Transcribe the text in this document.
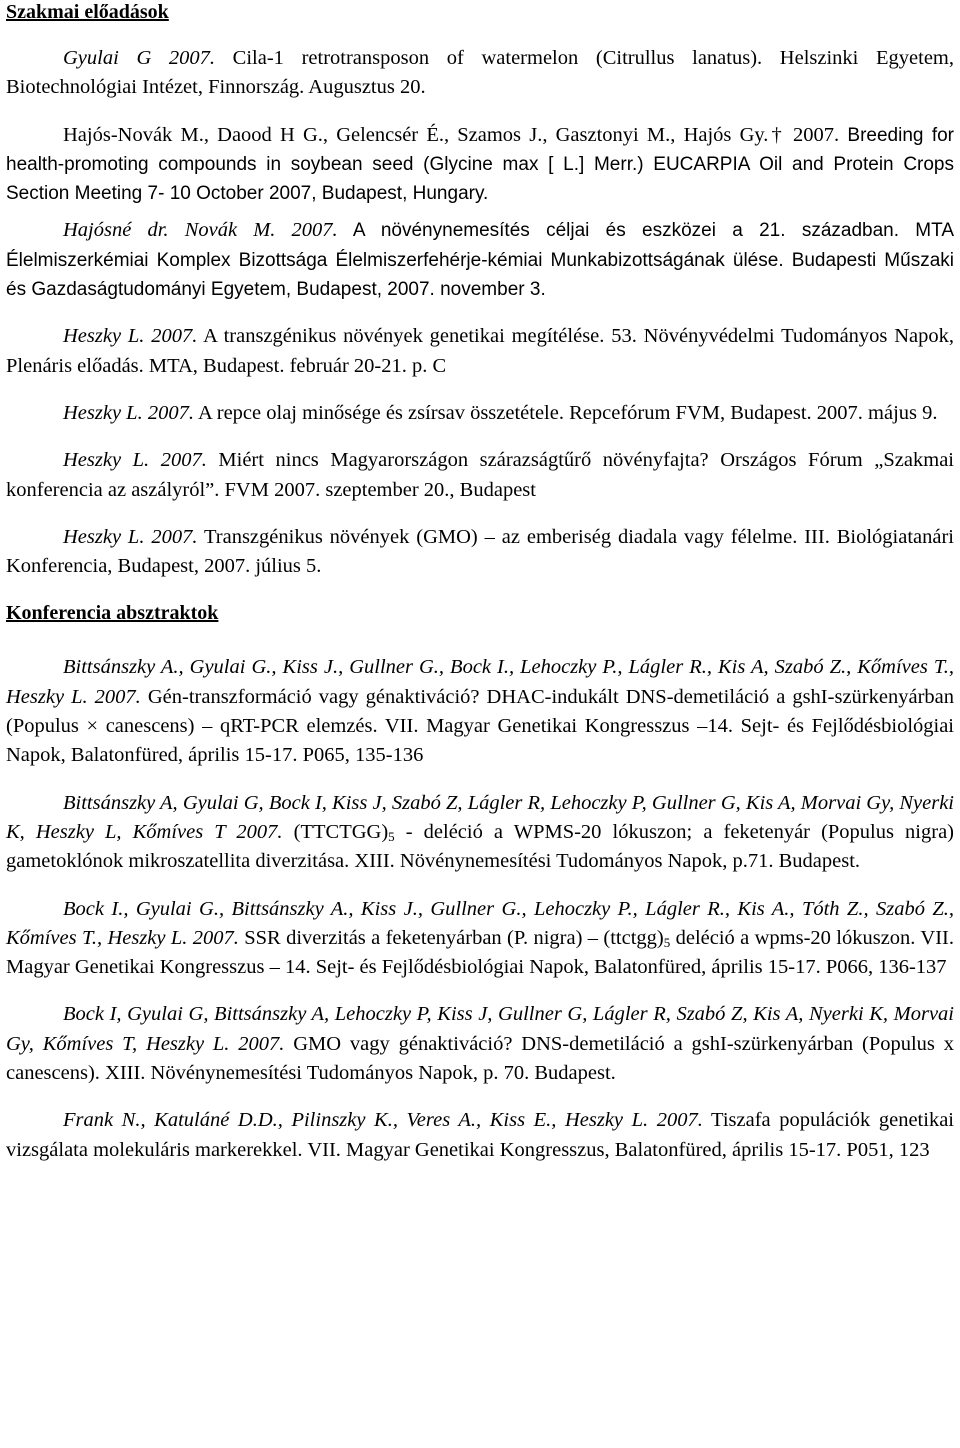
Szakmai előadások

Gyulai G 2007. Cila-1 retrotransposon of watermelon (Citrullus lanatus). Helszinki Egyetem, Biotechnológiai Intézet, Finnország. Augusztus 20.

Hajós-Novák M., Daood H G., Gelencsér É., Szamos J., Gasztonyi M., Hajós Gy.† 2007. Breeding for health-promoting compounds in soybean seed (Glycine max [ L.] Merr.) EUCARPIA Oil and Protein Crops Section Meeting 7- 10 October 2007, Budapest, Hungary.

Hajósné dr. Novák M. 2007. A növénynemesítés céljai és eszközei a 21. században. MTA Élelmiszerkémiai Komplex Bizottsága Élelmiszerfehérje-kémiai Munkabizottságának ülése. Budapesti Műszaki és Gazdaságtudományi Egyetem, Budapest, 2007. november 3.

Heszky L. 2007. A transzgénikus növények genetikai megítélése. 53. Növényvédelmi Tudományos Napok, Plenáris előadás. MTA, Budapest. február 20-21. p. C

Heszky L. 2007. A repce olaj minősége és zsírsav összetétele. Repcefórum FVM, Budapest. 2007. május 9.

Heszky L. 2007. Miért nincs Magyarországon szárazságtűrő növényfajta? Országos Fórum „Szakmai konferencia az aszályról”. FVM 2007. szeptember 20., Budapest

Heszky L. 2007. Transzgénikus növények (GMO) – az emberiség diadala vagy félelme. III. Biológiatanári Konferencia, Budapest, 2007. július 5.

Konferencia absztraktok

Bittsánszky A., Gyulai G., Kiss J., Gullner G., Bock I., Lehoczky P., Lágler R., Kis A, Szabó Z., Kőmíves T., Heszky L. 2007. Gén-transzformáció vagy génaktiváció? DHAC-indukált DNS-demetiláció a gshI-szürkenyárban (Populus × canescens) – qRT-PCR elemzés. VII. Magyar Genetikai Kongresszus –14. Sejt- és Fejlődésbiológiai Napok, Balatonfüred, április 15-17. P065, 135-136

Bittsánszky A, Gyulai G, Bock I, Kiss J, Szabó Z, Lágler R, Lehoczky P, Gullner G, Kis A, Morvai Gy, Nyerki K, Heszky L, Kőmíves T 2007. $(TTCTGG)_5$ - deléció a WPMS-20 lókuszon; a feketenyár (Populus nigra) gametoklónok mikroszatellita diverzitása. XIII. Növénynemesítési Tudományos Napok, p.71. Budapest.

Bock I., Gyulai G., Bittsánszky A., Kiss J., Gullner G., Lehoczky P., Lágler R., Kis A., Tóth Z., Szabó Z., Kőmíves T., Heszky L. 2007. SSR diverzitás a feketenyárban (P. nigra) – $(ttctgg)_5$ deléció a wpms-20 lókuszon. VII. Magyar Genetikai Kongresszus – 14. Sejt- és Fejlődésbiológiai Napok, Balatonfüred, április 15-17. P066, 136-137

Bock I, Gyulai G, Bittsánszky A, Lehoczky P, Kiss J, Gullner G, Lágler R, Szabó Z, Kis A, Nyerki K, Morvai Gy, Kőmíves T, Heszky L. 2007. GMO vagy génaktiváció? DNS-demetiláció a gshI-szürkenyárban (Populus x canescens). XIII. Növénynemesítési Tudományos Napok, p. 70. Budapest.

Frank N., Katuláné D.D., Pilinszky K., Veres A., Kiss E., Heszky L. 2007. Tiszafa populációk genetikai vizsgálata molekuláris markerekkel. VII. Magyar Genetikai Kongresszus, Balatonfüred, április 15-17. P051, 123
